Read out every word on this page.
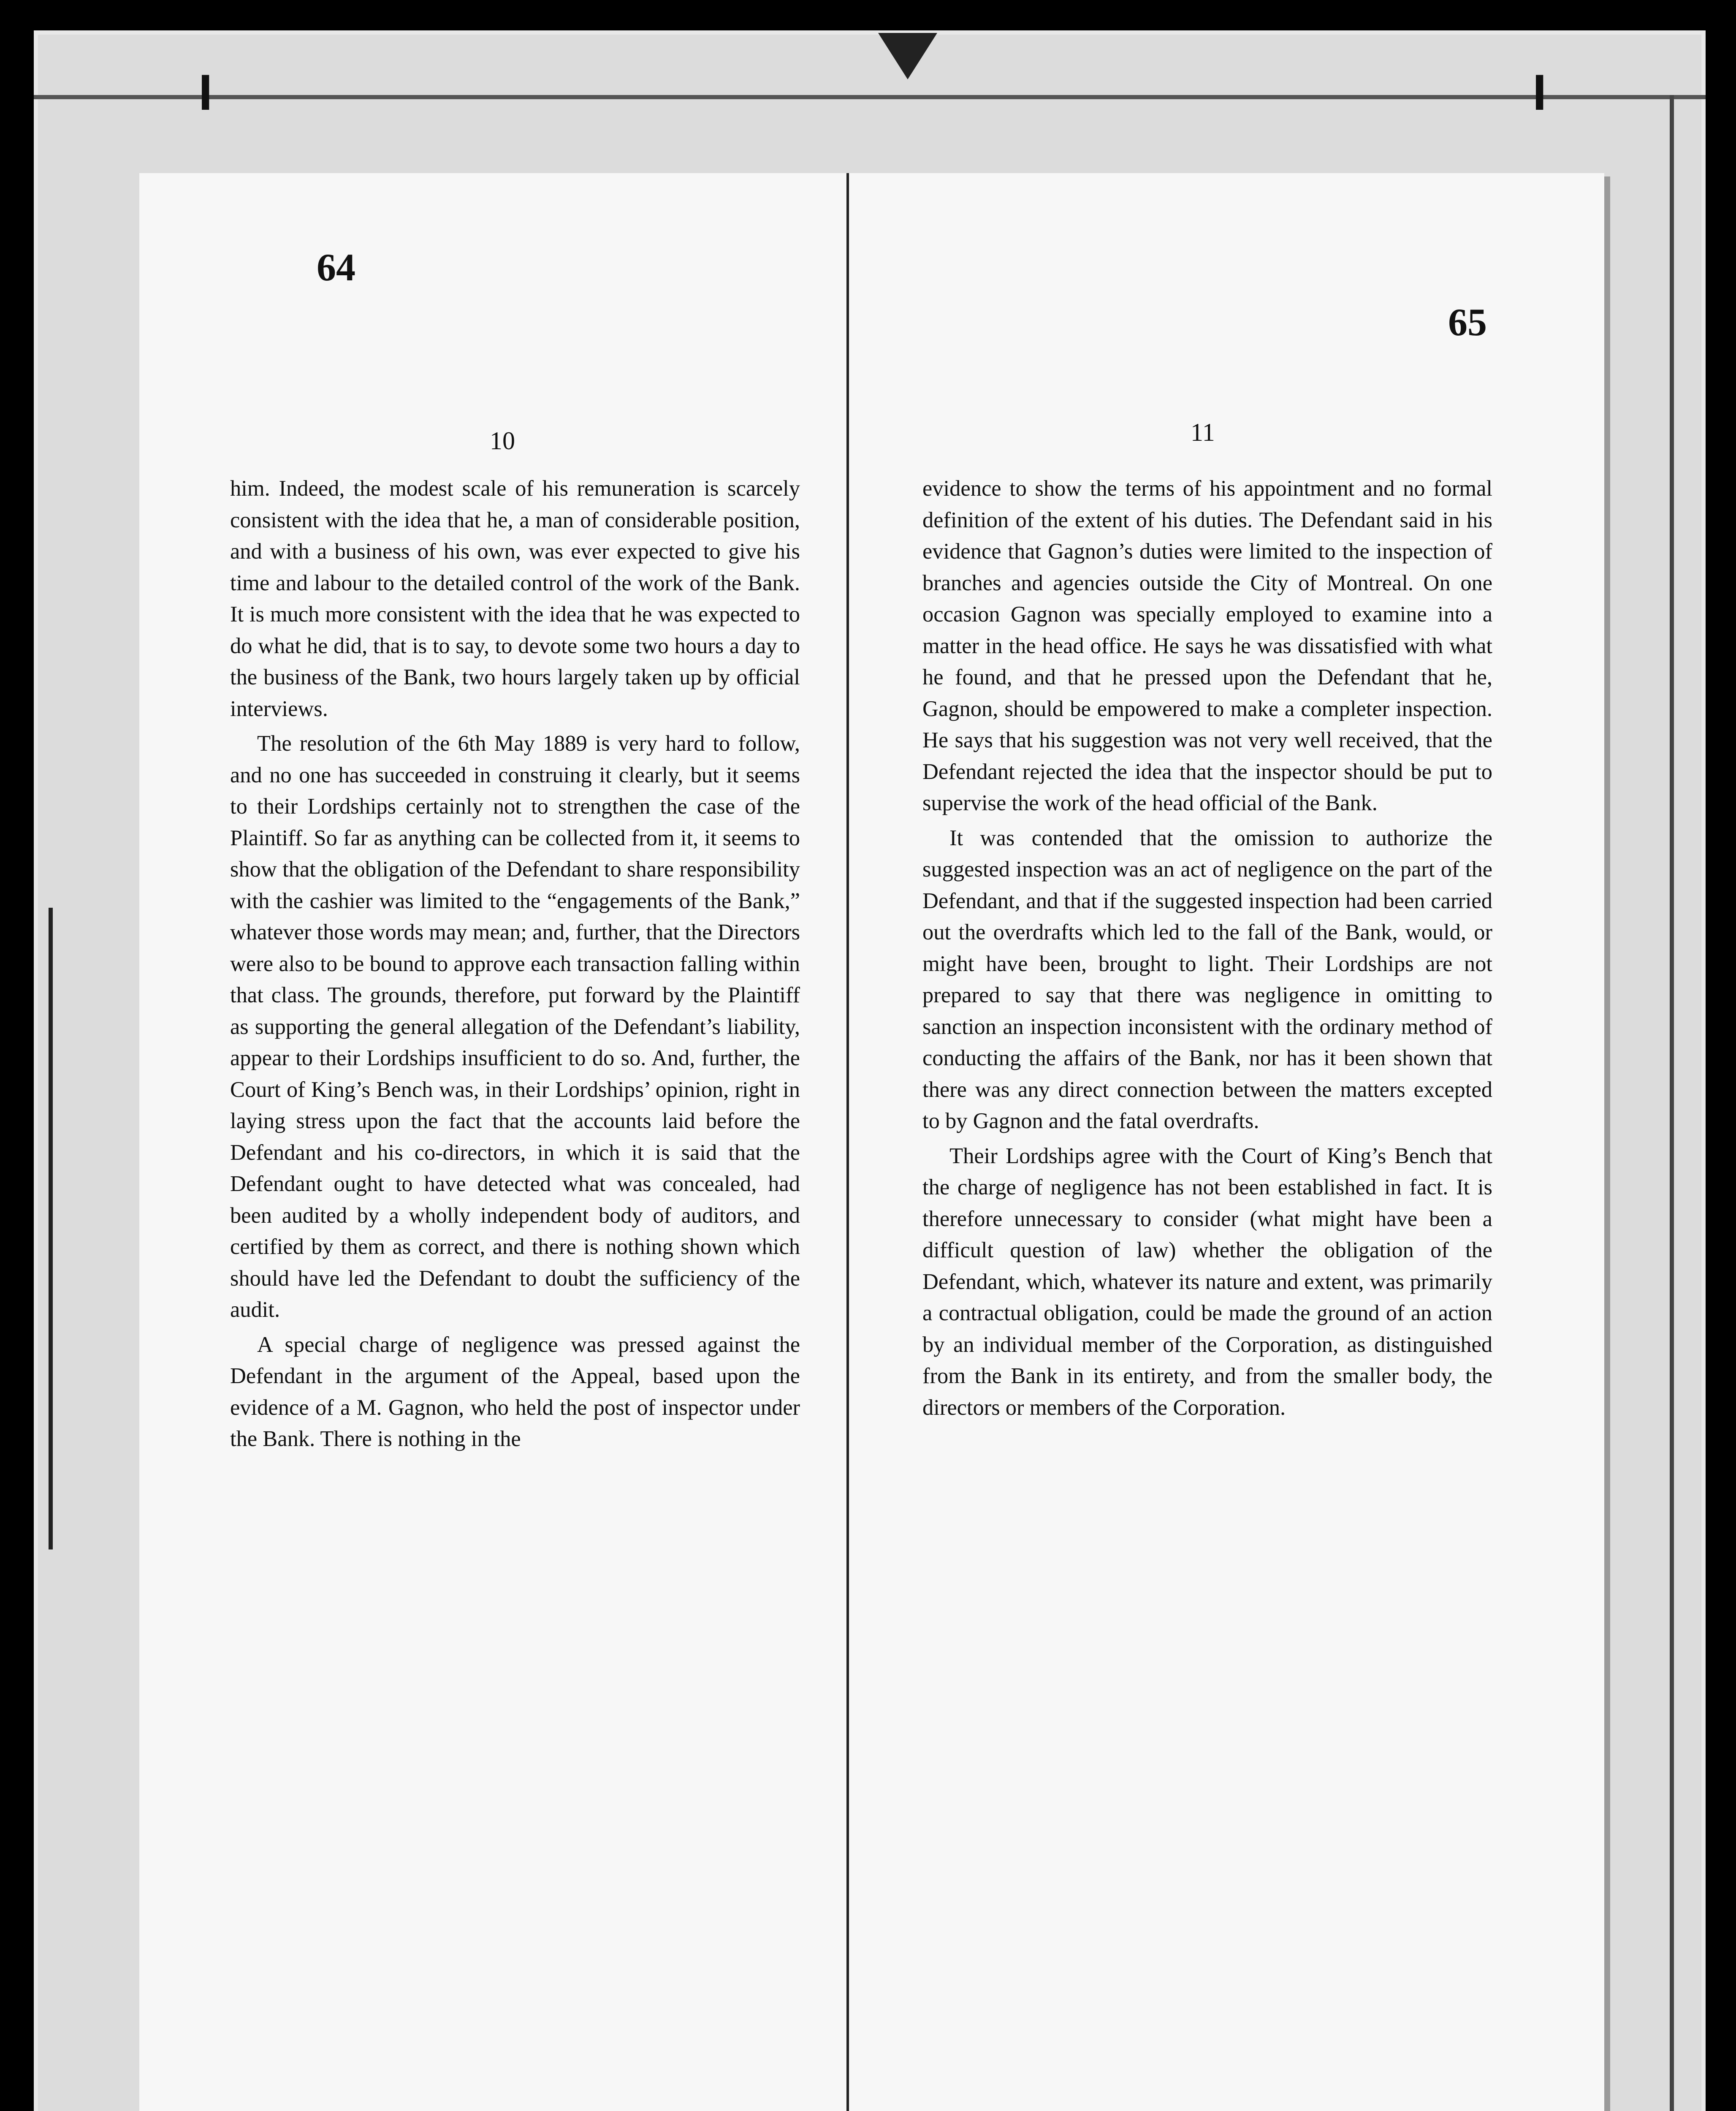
I	I
64
65
10	11

him. Indeed, the modest scale of his remuneration is scarcely consistent with the idea that he, a man of considerable position, and with a business of his own, was ever expected to give his time and labour to the detailed control of the work of the Bank. It is much more consistent with the idea that he was expected to do what he did, that is to say, to devote some two hours a day to the business of the Bank, two hours largely taken up by official interviews.

The resolution of the 6th May 1889 is very hard to follow, and no one has succeeded in construing it clearly, but it seems to their Lordships certainly not to strengthen the case of the Plaintiff. So far as anything can be collected from it, it seems to show that the obligation of the Defendant to share responsibility with the cashier was limited to the “engagements of the Bank,” whatever those words may mean; and, further, that the Directors were also to be bound to approve each transaction falling within that class. The grounds, therefore, put forward by the Plaintiff as supporting the general allegation of the Defendant’s liability, appear to their Lordships insufficient to do so. And, further, the Court of King’s Bench was, in their Lordships’ opinion, right in laying stress upon the fact that the accounts laid before the Defendant and his co-directors, in which it is said that the Defendant ought to have detected what was concealed, had been audited by a wholly independent body of auditors, and certified by them as correct, and there is nothing shown which should have led the Defendant to doubt the sufficiency of the audit.

A special charge of negligence was pressed against the Defendant in the argument of the Appeal, based upon the evidence of a M. Gagnon, who held the post of inspector under the Bank. There is nothing in the

evidence to show the terms of his appointment and no formal definition of the extent of his duties. The Defendant said in his evidence that Gagnon’s duties were limited to the inspection of branches and agencies outside the City of Montreal. On one occasion Gagnon was specially employed to examine into a matter in the head office. He says he was dissatisfied with what he found, and that he pressed upon the Defendant that he, Gagnon, should be empowered to make a completer inspection. He says that his suggestion was not very well received, that the Defendant rejected the idea that the inspector should be put to supervise the work of the head official of the Bank.

It was contended that the omission to authorize the suggested inspection was an act of negligence on the part of the Defendant, and that if the suggested inspection had been carried out the overdrafts which led to the fall of the Bank, would, or might have been, brought to light. Their Lordships are not prepared to say that there was negligence in omitting to sanction an inspection inconsistent with the ordinary method of conducting the affairs of the Bank, nor has it been shown that there was any direct connection between the matters excepted to by Gagnon and the fatal overdrafts.

Their Lordships agree with the Court of King’s Bench that the charge of negligence has not been established in fact. It is therefore unnecessary to consider (what might have been a difficult question of law) whether the obligation of the Defendant, which, whatever its nature and extent, was primarily a contractual obligation, could be made the ground of an action by an individual member of the Corporation, as distinguished from the Bank in its entirety, and from the smaller body, the directors or members of the Corporation.
